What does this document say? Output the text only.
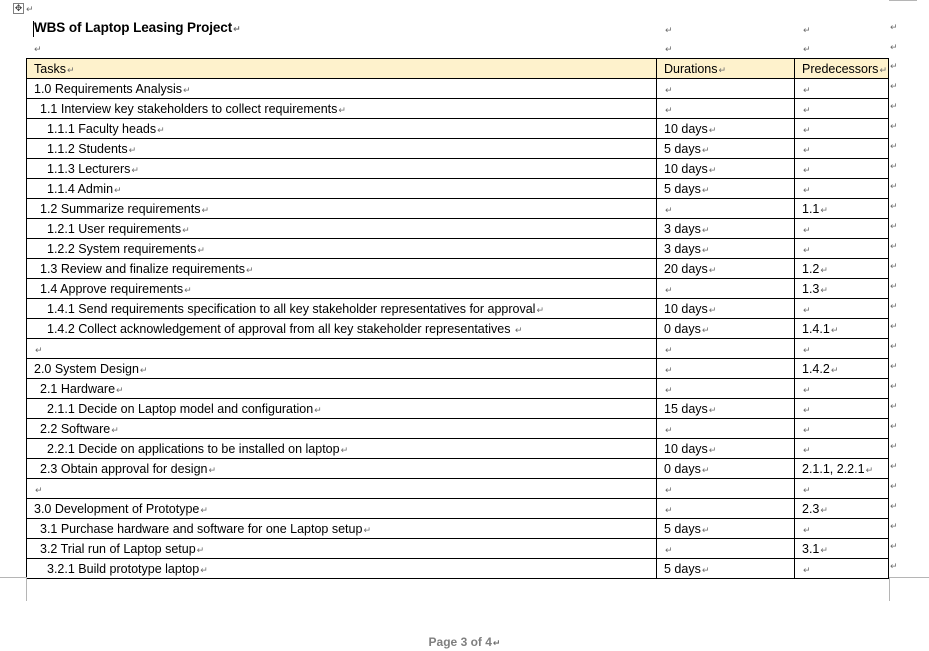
✥ ↵
WBS of Laptop Leasing Project↵	↵	↵	↵
↵	↵	↵	↵
Tasks↵	Durations↵	Predecessors↵
1.0 Requirements Analysis↵	↵	↵
1.1 Interview key stakeholders to collect requirements↵	↵	↵
1.1.1 Faculty heads↵	10 days↵	↵
1.1.2 Students↵	5 days↵	↵
1.1.3 Lecturers↵	10 days↵	↵
1.1.4 Admin↵	5 days↵	↵
1.2 Summarize requirements↵	↵	1.1↵
1.2.1 User requirements↵	3 days↵	↵
1.2.2 System requirements↵	3 days↵	↵
1.3 Review and finalize requirements↵	20 days↵	1.2↵
1.4 Approve requirements↵	↵	1.3↵
1.4.1 Send requirements specification to all key stakeholder representatives for approval↵	10 days↵	↵
1.4.2 Collect acknowledgement of approval from all key stakeholder representatives ↵	0 days↵	1.4.1↵
↵	↵	↵
2.0 System Design↵	↵	1.4.2↵
2.1 Hardware↵	↵	↵
2.1.1 Decide on Laptop model and configuration↵	15 days↵	↵
2.2 Software↵	↵	↵
2.2.1 Decide on applications to be installed on laptop↵	10 days↵	↵
2.3 Obtain approval for design↵	0 days↵	2.1.1, 2.2.1↵
↵	↵	↵
3.0 Development of Prototype↵	↵	2.3↵
3.1 Purchase hardware and software for one Laptop setup↵	5 days↵	↵
3.2 Trial run of Laptop setup↵	↵	3.1↵
3.2.1 Build prototype laptop↵	5 days↵	↵
Page 3 of 4↵
↵
↵
↵
↵
↵
↵
↵
↵
↵
↵
↵
↵
↵
↵
↵
↵
↵
↵
↵
↵
↵
↵
↵
↵
↵
↵
